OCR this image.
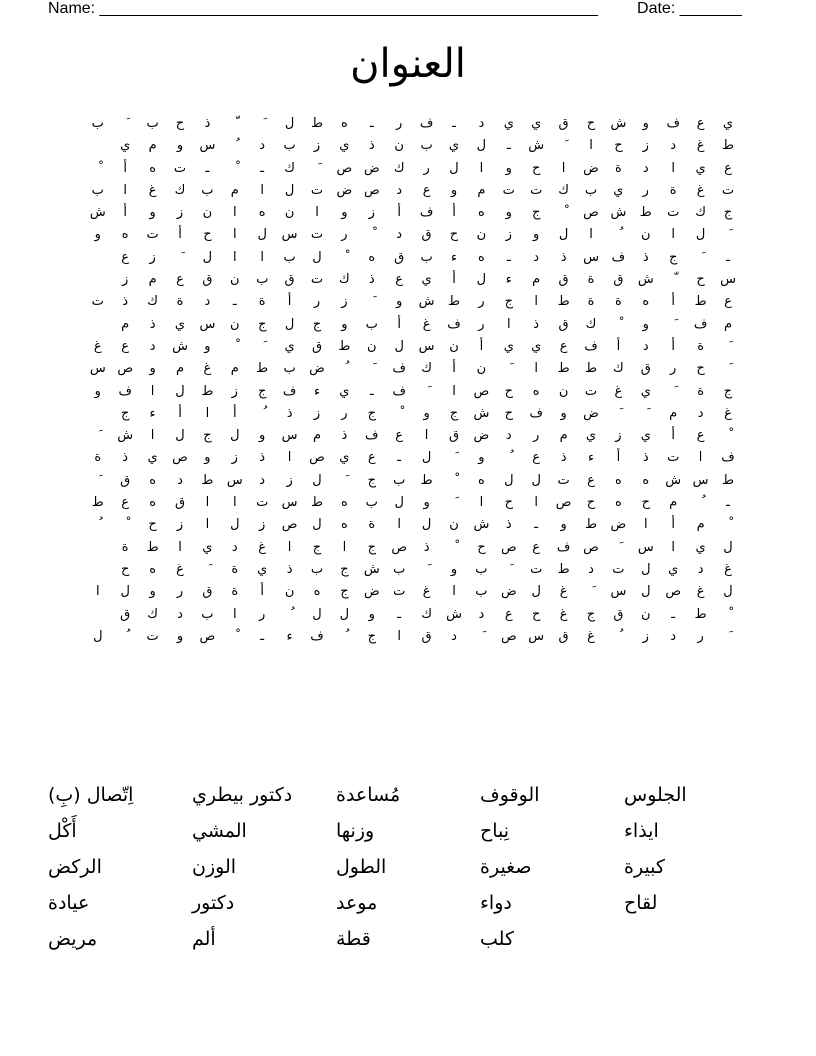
Name: ________________________________________________________ Date: _______
العنوان
ي
ع
ف
و
ش
ح
ق
ي
ي
د
ـ
ف
ر
ـ
ه
ط
ل
ذ
ح
ب
ب
ط
غ
د
ز
ح
ا
ش
ـ
ل
ي
ب
ن
ذ
ي
ز
ب
د
س
و
م
ي
ع
ي
ا
د
ة
ض
ا
ح
و
ا
ل
ر
ك
ض
ص
ك
ـ
ـ
ت
ه
أ
ت
غ
ة
ر
ي
ب
ك
ت
ت
م
و
ع
د
ص
ض
ت
ل
ا
م
ب
ك
غ
ا
ب
ج
ك
ت
ط
ش
ص
ج
و
ه
أ
ف
أ
ز
و
ا
ن
ه
ا
ن
ز
و
أ
ش
ل
ا
ن
ا
ل
و
ز
ن
ح
ق
د
ر
ت
س
ل
ا
ح
أ
ت
ه
و
ـ
ج
ذ
ف
س
ذ
د
ـ
ه
ء
ب
ق
ه
ل
ب
ا
ا
ل
ز
ع
س
ح
ش
ق
ة
ق
م
ء
ل
أ
ي
ع
ذ
ك
ت
ق
ب
ن
ق
ع
م
ز
ع
ط
أ
ه
ة
ة
ط
ا
ج
ر
ط
ش
و
ز
ر
أ
ة
ـ
د
ة
ك
ذ
ت
م
ف
و
ك
ق
ذ
ا
ر
ف
غ
أ
ب
و
ج
ل
ج
ن
س
ي
ذ
م
ة
أ
د
أ
ف
ع
ي
ي
أ
ن
س
ل
ن
ط
ق
ي
و
ش
د
ع
غ
ح
ر
ق
ك
ط
ط
ا
ن
أ
ك
ف
ض
ب
ط
م
غ
م
و
ص
س
ج
ة
ي
غ
ت
ن
ه
ح
ص
ا
ف
ـ
ي
ء
ف
ج
ز
ط
ل
ا
ف
و
غ
د
م
ض
و
ف
ح
ش
ج
و
ج
ر
ز
ذ
أ
ا
أ
ء
ج
ع
أ
ي
ز
ي
م
ر
د
ض
ق
ا
ع
ف
ذ
م
س
و
ل
ج
ل
ا
ش
ف
ا
ت
ذ
أ
ء
ذ
ع
و
ل
ـ
ع
ي
ص
ا
ذ
ز
و
ص
ي
ذ
ة
ط
س
ش
ه
ه
ع
ت
ل
ل
ه
ط
ب
ج
ل
ز
د
س
ط
د
ه
ق
ـ
م
ح
ه
ح
ص
ا
ح
ا
و
ل
ب
ه
ط
س
ت
ا
ا
ق
ه
ع
ط
م
أ
ا
ض
ط
و
ـ
ذ
ش
ن
ل
ا
ة
ه
ل
ص
ز
ل
ا
ز
ح
ل
ي
ا
س
ص
ف
ع
ص
ح
ذ
ص
ج
ا
ج
ا
غ
د
ي
ا
ط
ة
غ
د
ي
ل
ت
د
ط
ت
ب
و
ب
ش
ج
ب
ذ
ي
ة
غ
ه
ح
ل
غ
ص
ل
س
غ
ل
ض
ب
ا
غ
ت
ض
ج
ه
ن
أ
ة
ق
ر
و
ل
ا
ط
ـ
ن
ق
ج
غ
ح
ع
د
ش
ك
ـ
و
ل
ل
ر
ا
ب
د
ك
ق
ر
د
ز
غ
ق
س
ص
د
ق
ا
ج
ف
ء
ـ
ص
و
ت
ل
الجلوس
الوقوف
مُساعدة
دكتور بيطري
اِتّصال (بِ)
ايذاء
نِباح
وزنها
المشي
أَكْل
كبيرة
صغيرة
الطول
الوزن
الركض
لقاح
دواء
موعد
دكتور
عيادة
كلب
قطة
ألم
مريض
